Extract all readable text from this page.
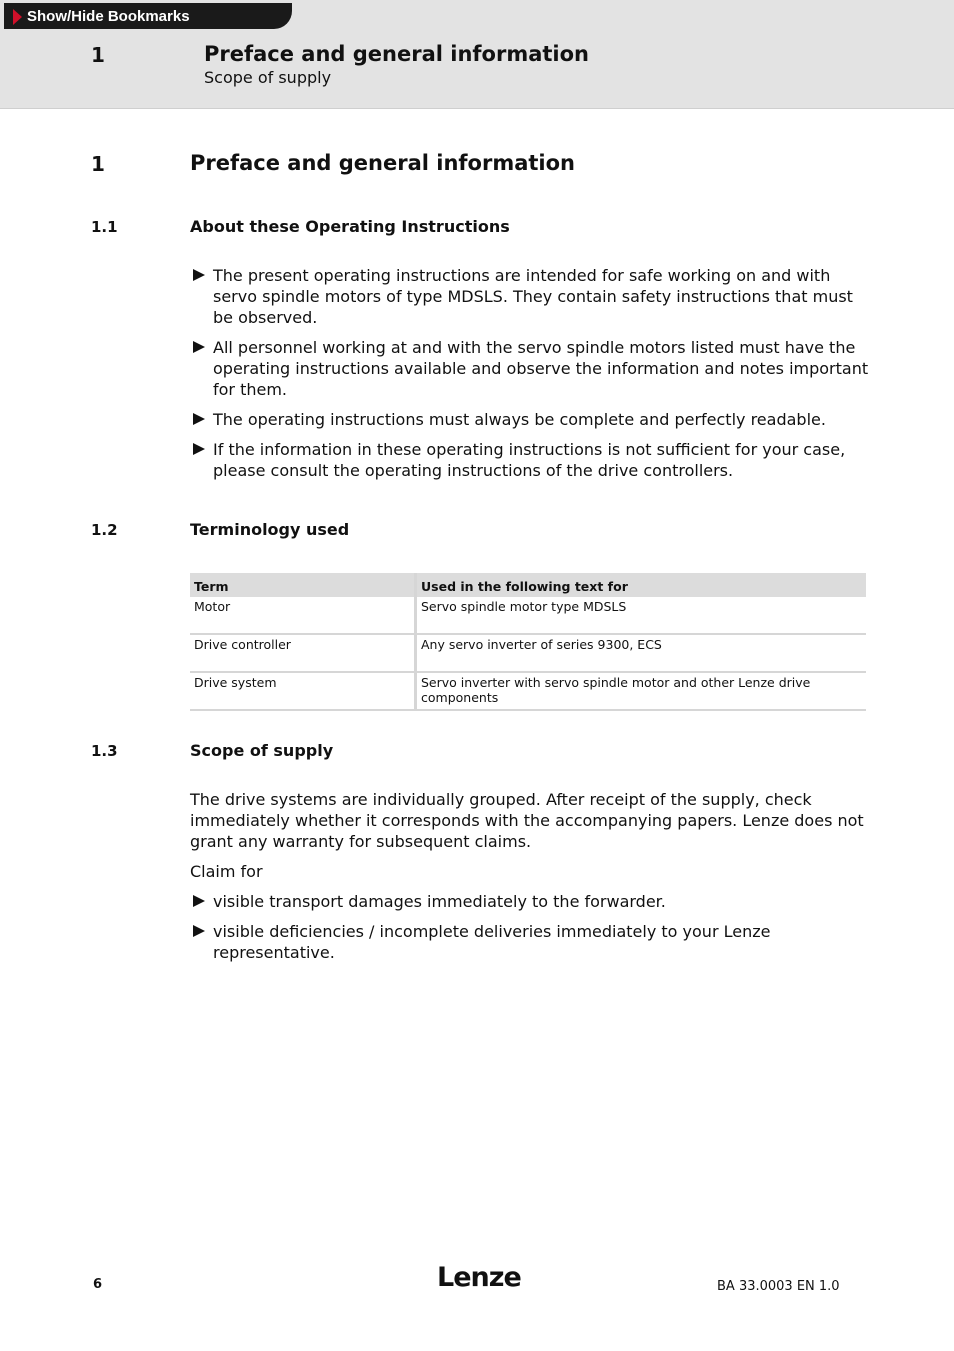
Show/Hide Bookmarks
1	Preface and general information
Scope of supply
1	Preface and general information
1.1	About these Operating Instructions
The present operating instructions are intended for safe working on and with servo spindle motors of type MDSLS. They contain safety instructions that must be observed.
All personnel working at and with the servo spindle motors listed must have the operating instructions available and observe the information and notes important for them.
The operating instructions must always be complete and perfectly readable.
If the information in these operating instructions is not sufficient for your case, please consult the operating instructions of the drive controllers.
1.2	Terminology used
Term	Used in the following text for
Motor	Servo spindle motor type MDSLS
Drive controller	Any servo inverter of series 9300, ECS
Drive system	Servo inverter with servo spindle motor and other Lenze drive components
1.3	Scope of supply

The drive systems are individually grouped. After receipt of the supply, check immediately whether it corresponds with the accompanying papers. Lenze does not grant any warranty for subsequent claims.

Claim for

visible transport damages immediately to the forwarder.
visible deficiencies / incomplete deliveries immediately to your Lenze representative.
6	Lenze	BA 33.0003 EN 1.0
